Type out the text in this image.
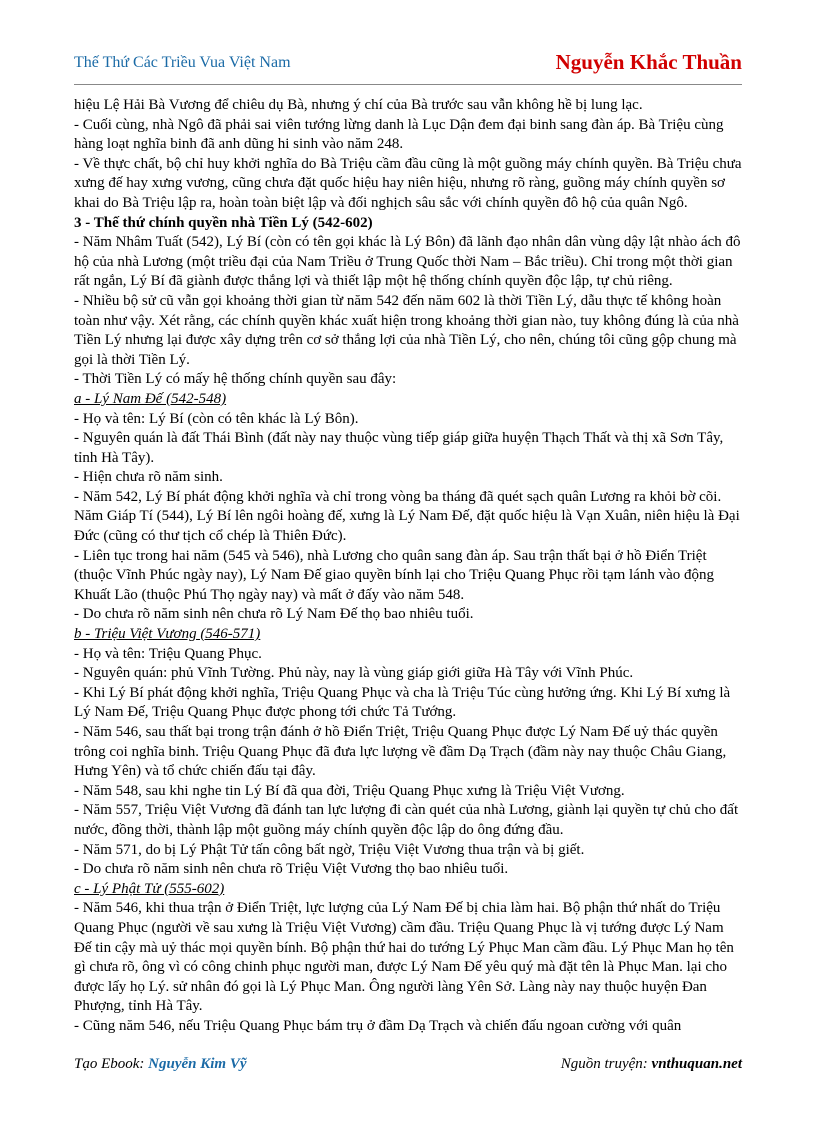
Thế Thứ Các Triều Vua Việt Nam	Nguyễn Khắc Thuần

hiệu Lệ Hải Bà Vương để chiêu dụ Bà, nhưng ý chí của Bà trước sau vẫn không hề bị lung lạc.

- Cuối cùng, nhà Ngô đã phải sai viên tướng lừng danh là Lục Dận đem đại binh sang đàn áp. Bà Triệu cùng hàng loạt nghĩa binh đã anh dũng hi sinh vào năm 248.

- Về thực chất, bộ chỉ huy khởi nghĩa do Bà Triệu cầm đầu cũng là một guồng máy chính quyền. Bà Triệu chưa xưng đế hay xưng vương, cũng chưa đặt quốc hiệu hay niên hiệu, nhưng rõ ràng, guồng máy chính quyền sơ khai do Bà Triệu lập ra, hoàn toàn biệt lập và đối nghịch sâu sắc với chính quyền đô hộ của quân Ngô.

3 - Thế thứ chính quyền nhà Tiền Lý (542-602)

- Năm Nhâm Tuất (542), Lý Bí (còn có tên gọi khác là Lý Bôn) đã lãnh đạo nhân dân vùng dậy lật nhào ách đô hộ của nhà Lương (một triều đại của Nam Triều ở Trung Quốc thời Nam – Bắc triều). Chỉ trong một thời gian rất ngắn, Lý Bí đã giành được thắng lợi và thiết lập một hệ thống chính quyền độc lập, tự chủ riêng.

- Nhiều bộ sử cũ vẫn gọi khoảng thời gian từ năm 542 đến năm 602 là thời Tiền Lý, dẫu thực tế không hoàn toàn như vậy. Xét rằng, các chính quyền khác xuất hiện trong khoảng thời gian nào, tuy không đúng là của nhà Tiền Lý nhưng lại được xây dựng trên cơ sở thắng lợi của nhà Tiền Lý, cho nên, chúng tôi cũng gộp chung mà gọi là thời Tiền Lý.

- Thời Tiền Lý có mấy hệ thống chính quyền sau đây:

a - Lý Nam Đế (542-548)

- Họ và tên: Lý Bí (còn có tên khác là Lý Bôn).

- Nguyên quán là đất Thái Bình (đất này nay thuộc vùng tiếp giáp giữa huyện Thạch Thất và thị xã Sơn Tây, tỉnh Hà Tây).

- Hiện chưa rõ năm sinh.

- Năm 542, Lý Bí phát động khởi nghĩa và chỉ trong vòng ba tháng đã quét sạch quân Lương ra khỏi bờ cõi. Năm Giáp Tí (544), Lý Bí lên ngôi hoàng đế, xưng là Lý Nam Đế, đặt quốc hiệu là Vạn Xuân, niên hiệu là Đại Đức (cũng có thư tịch cổ chép là Thiên Đức).

- Liên tục trong hai năm (545 và 546), nhà Lương cho quân sang đàn áp. Sau trận thất bại ở hồ Điển Triệt (thuộc Vĩnh Phúc ngày nay), Lý Nam Đế giao quyền bính lại cho Triệu Quang Phục rồi tạm lánh vào động Khuất Lão (thuộc Phú Thọ ngày nay) và mất ở đấy vào năm 548.

- Do chưa rõ năm sinh nên chưa rõ Lý Nam Đế thọ bao nhiêu tuổi.

b - Triệu Việt Vương (546-571)

- Họ và tên: Triệu Quang Phục.

- Nguyên quán: phủ Vĩnh Tường. Phủ này, nay là vùng giáp giới giữa Hà Tây với Vĩnh Phúc.

- Khi Lý Bí phát động khởi nghĩa, Triệu Quang Phục và cha là Triệu Túc cùng hưởng ứng. Khi Lý Bí xưng là Lý Nam Đế, Triệu Quang Phục được phong tới chức Tả Tướng.

- Năm 546, sau thất bại trong trận đánh ở hồ Điển Triệt, Triệu Quang Phục được Lý Nam Đế uỷ thác quyền trông coi nghĩa binh. Triệu Quang Phục đã đưa lực lượng về đầm Dạ Trạch (đầm này nay thuộc Châu Giang, Hưng Yên) và tổ chức chiến đấu tại đây.

- Năm 548, sau khi nghe tin Lý Bí đã qua đời, Triệu Quang Phục xưng là Triệu Việt Vương.

- Năm 557, Triệu Việt Vương đã đánh tan lực lượng đi càn quét của nhà Lương, giành lại quyền tự chủ cho đất nước, đồng thời, thành lập một guồng máy chính quyền độc lập do ông đứng đầu.

- Năm 571, do bị Lý Phật Tử tấn công bất ngờ, Triệu Việt Vương thua trận và bị giết.

- Do chưa rõ năm sinh nên chưa rõ Triệu Việt Vương thọ bao nhiêu tuổi.

c - Lý Phật Tử (555-602)

- Năm 546, khi thua trận ở Điển Triệt, lực lượng của Lý Nam Đế bị chia làm hai. Bộ phận thứ nhất do Triệu Quang Phục (người về sau xưng là Triệu Việt Vương) cầm đầu. Triệu Quang Phục là vị tướng được Lý Nam Đế tin cậy mà uỷ thác mọi quyền bính. Bộ phận thứ hai do tướng Lý Phục Man cầm đầu. Lý Phục Man họ tên gì chưa rõ, ông vì có công chinh phục người man, được Lý Nam Đế yêu quý mà đặt tên là Phục Man. lại cho được lấy họ Lý. sử nhân đó gọi là Lý Phục Man. Ông người làng Yên Sở. Làng này nay thuộc huyện Đan Phượng, tỉnh Hà Tây.

- Cũng năm 546, nếu Triệu Quang Phục bám trụ ở đầm Dạ Trạch và chiến đấu ngoan cường với quân

Tạo Ebook: Nguyễn Kim Vỹ	Nguồn truyện: vnthuquan.net
